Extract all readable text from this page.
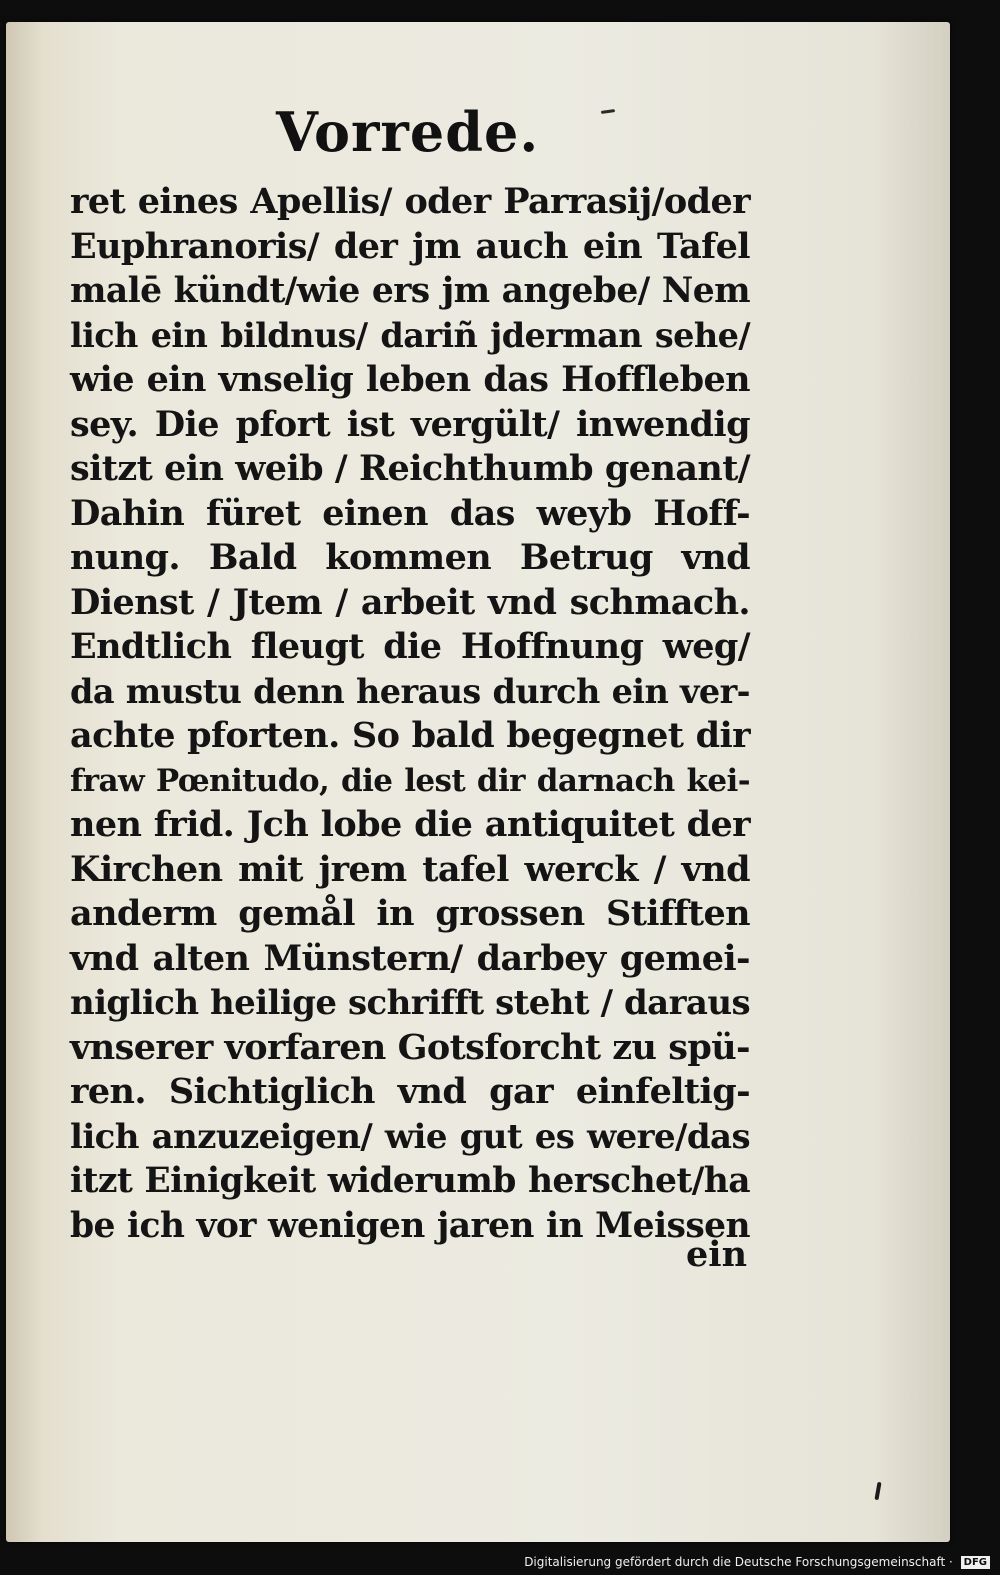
Vorrede.
ret eines Apellis/ oder Parrasij/oder
Euphranoris/ der jm auch ein Tafel
malē kündt/wie ers jm angebe/ Nem
lich ein bildnus/ dariñ jderman sehe/
wie ein vnselig leben das Hoffleben
sey. Die pfort ist vergült/ inwendig
sitzt ein weib / Reichthumb genant/
Dahin füret einen das weyb Hoff-
nung. Bald kommen Betrug vnd
Dienst / Jtem / arbeit vnd schmach.
Endtlich fleugt die Hoffnung weg/
da mustu denn heraus durch ein ver-
achte pforten. So bald begegnet dir
fraw Pœnitudo, die lest dir darnach kei-
nen frid. Jch lobe die antiquitet der
Kirchen mit jrem tafel werck / vnd
anderm gemål in grossen Stifften
vnd alten Münstern/ darbey gemei-
niglich heilige schrifft steht / daraus
vnserer vorfaren Gotsforcht zu spü-
ren. Sichtiglich vnd gar einfeltig-
lich anzuzeigen/ wie gut es were/das
itzt Einigkeit widerumb herschet/ha
be ich vor wenigen jaren in Meissen
ein
Digitalisierung gefördert durch die Deutsche Forschungsgemeinschaft · DFG
